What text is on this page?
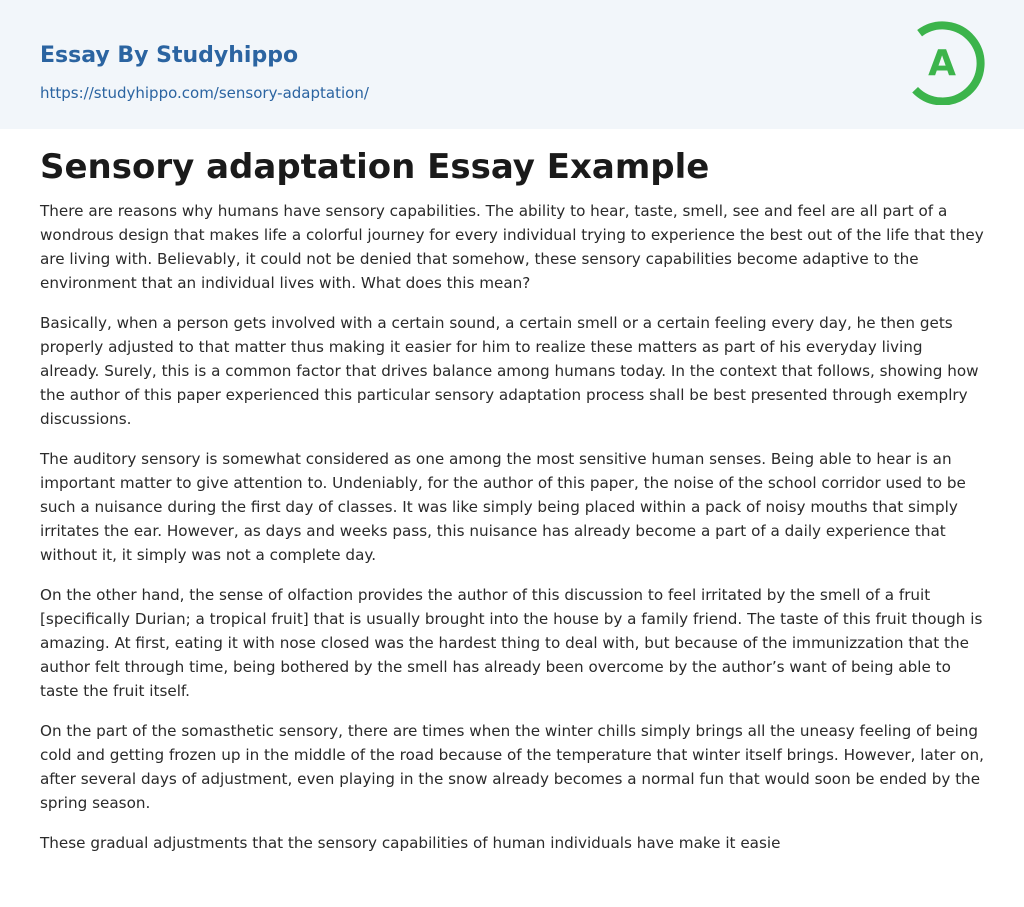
Essay By Studyhippo
https://studyhippo.com/sensory-adaptation/
A
Sensory adaptation Essay Example

There are reasons why humans have sensory capabilities. The ability to hear, taste, smell, see and feel are all part of a wondrous design that makes life a colorful journey for every individual trying to experience the best out of the life that they are living with. Believably, it could not be denied that somehow, these sensory capabilities become adaptive to the environment that an individual lives with. What does this mean?

Basically, when a person gets involved with a certain sound, a certain smell or a certain feeling every day, he then gets properly adjusted to that matter thus making it easier for him to realize these matters as part of his everyday living already. Surely, this is a common factor that drives balance among humans today. In the context that follows, showing how the author of this paper experienced this particular sensory adaptation process shall be best presented through exemplry discussions.

The auditory sensory is somewhat considered as one among the most sensitive human senses. Being able to hear is an important matter to give attention to. Undeniably, for the author of this paper, the noise of the school corridor used to be such a nuisance during the first day of classes. It was like simply being placed within a pack of noisy mouths that simply irritates the ear. However, as days and weeks pass, this nuisance has already become a part of a daily experience that without it, it simply was not a complete day.

On the other hand, the sense of olfaction provides the author of this discussion to feel irritated by the smell of a fruit [specifically Durian; a tropical fruit] that is usually brought into the house by a family friend. The taste of this fruit though is amazing. At first, eating it with nose closed was the hardest thing to deal with, but because of the immunizzation that the author felt through time, being bothered by the smell has already been overcome by the author’s want of being able to taste the fruit itself.

On the part of the somasthetic sensory, there are times when the winter chills simply brings all the uneasy feeling of being cold and getting frozen up in the middle of the road because of the temperature that winter itself brings. However, later on, after several days of adjustment, even playing in the snow already becomes a normal fun that would soon be ended by the spring season.

These gradual adjustments that the sensory capabilities of human individuals have make it easie
